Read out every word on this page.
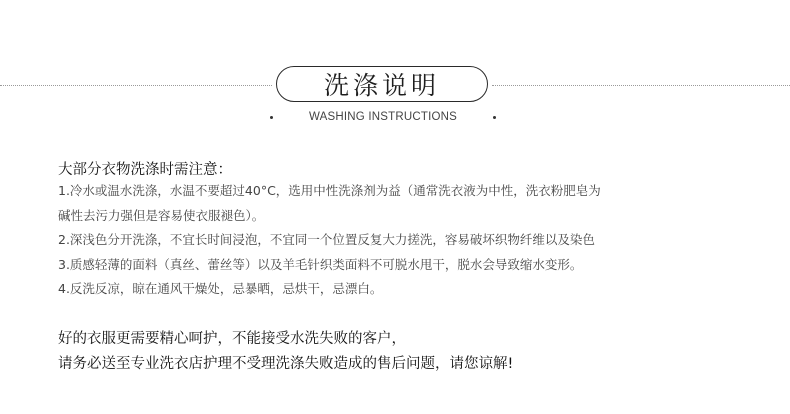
洗涤说明
WASHING INSTRUCTIONS
大部分衣物洗涤时需注意：
1.冷水或温水洗涤，水温不要超过40°C，选用中性洗涤剂为益（通常洗衣液为中性，洗衣粉肥皂为
碱性去污力强但是容易使衣服褪色）。
2.深浅色分开洗涤，不宜长时间浸泡，不宜同一个位置反复大力搓洗，容易破坏织物纤维以及染色
3.质感轻薄的面料（真丝、蕾丝等）以及羊毛针织类面料不可脱水甩干，脱水会导致缩水变形。
4.反洗反凉，晾在通风干燥处，忌暴晒，忌烘干，忌漂白。
好的衣服更需要精心呵护，不能接受水洗失败的客户，
请务必送至专业洗衣店护理不受理洗涤失败造成的售后问题，请您谅解!
